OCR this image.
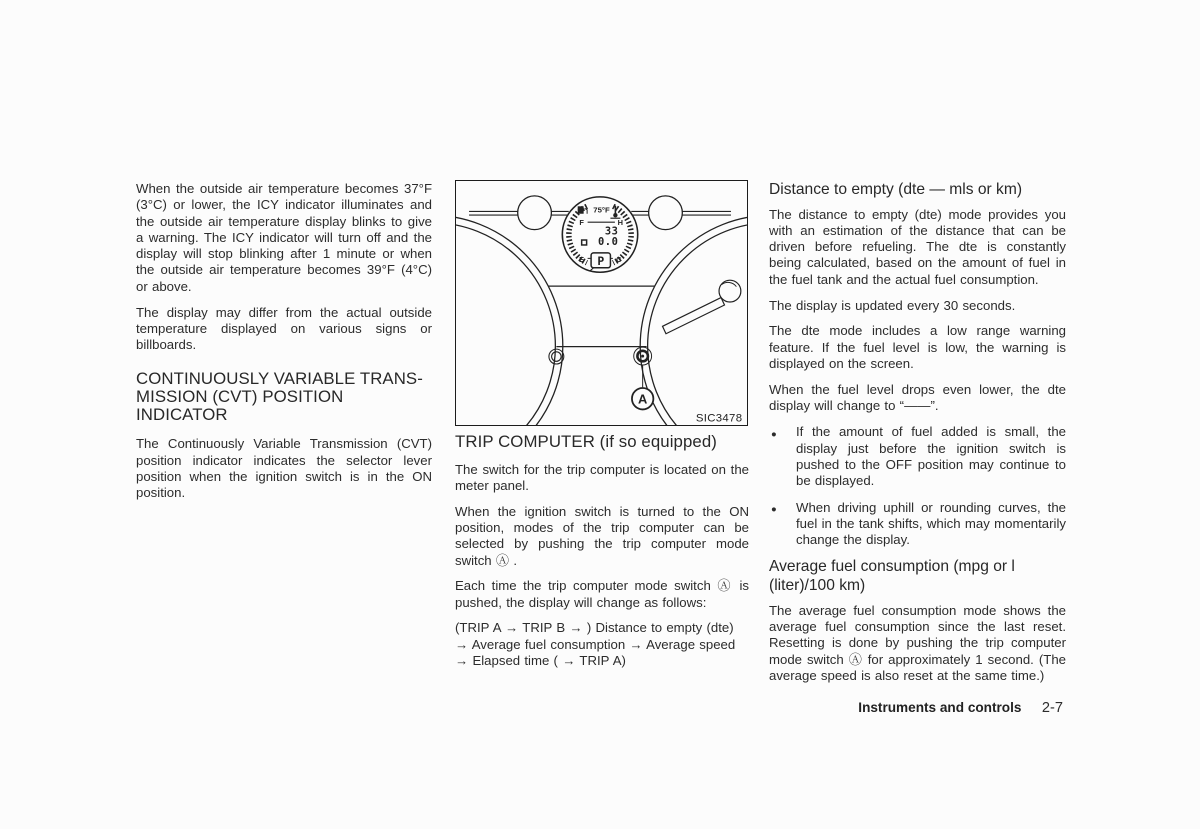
When the outside air temperature becomes 37°F (3°C) or lower, the ICY indicator illuminates and the outside air temperature display blinks to give a warning. The ICY indicator will turn off and the display will stop blinking after 1 minute or when the outside air temperature becomes 39°F (4°C) or above.

The display may differ from the actual outside temperature displayed on various signs or billboards.

CONTINUOUSLY VARIABLE TRANS-
MISSION (CVT) POSITION INDICATOR

The Continuously Variable Transmission (CVT) position indicator indicates the selector lever position when the ignition switch is in the ON position.

75°F
F	H
33
0.0
E	C
P
A
SIC3478
TRIP COMPUTER (if so equipped)

The switch for the trip computer is located on the meter panel.

When the ignition switch is turned to the ON position, modes of the trip computer can be selected by pushing the trip computer mode switch Ⓐ .

Each time the trip computer mode switch Ⓐ is pushed, the display will change as follows:

(TRIP A → TRIP B → ) Distance to empty (dte) → Average fuel consumption → Average speed → Elapsed time ( → TRIP A)

Distance to empty (dte — mls or km)

The distance to empty (dte) mode provides you with an estimation of the distance that can be driven before refueling. The dte is constantly being calculated, based on the amount of fuel in the fuel tank and the actual fuel consumption.

The display is updated every 30 seconds.

The dte mode includes a low range warning feature. If the fuel level is low, the warning is displayed on the screen.

When the fuel level drops even lower, the dte display will change to “——”.

● If the amount of fuel added is small, the display just before the ignition switch is pushed to the OFF position may continue to be displayed.
● When driving uphill or rounding curves, the fuel in the tank shifts, which may momentarily change the display.
Average fuel consumption (mpg or l (liter)/100 km)

The average fuel consumption mode shows the average fuel consumption since the last reset. Resetting is done by pushing the trip computer mode switch Ⓐ for approximately 1 second. (The average speed is also reset at the same time.)

Instruments and controls 2-7
